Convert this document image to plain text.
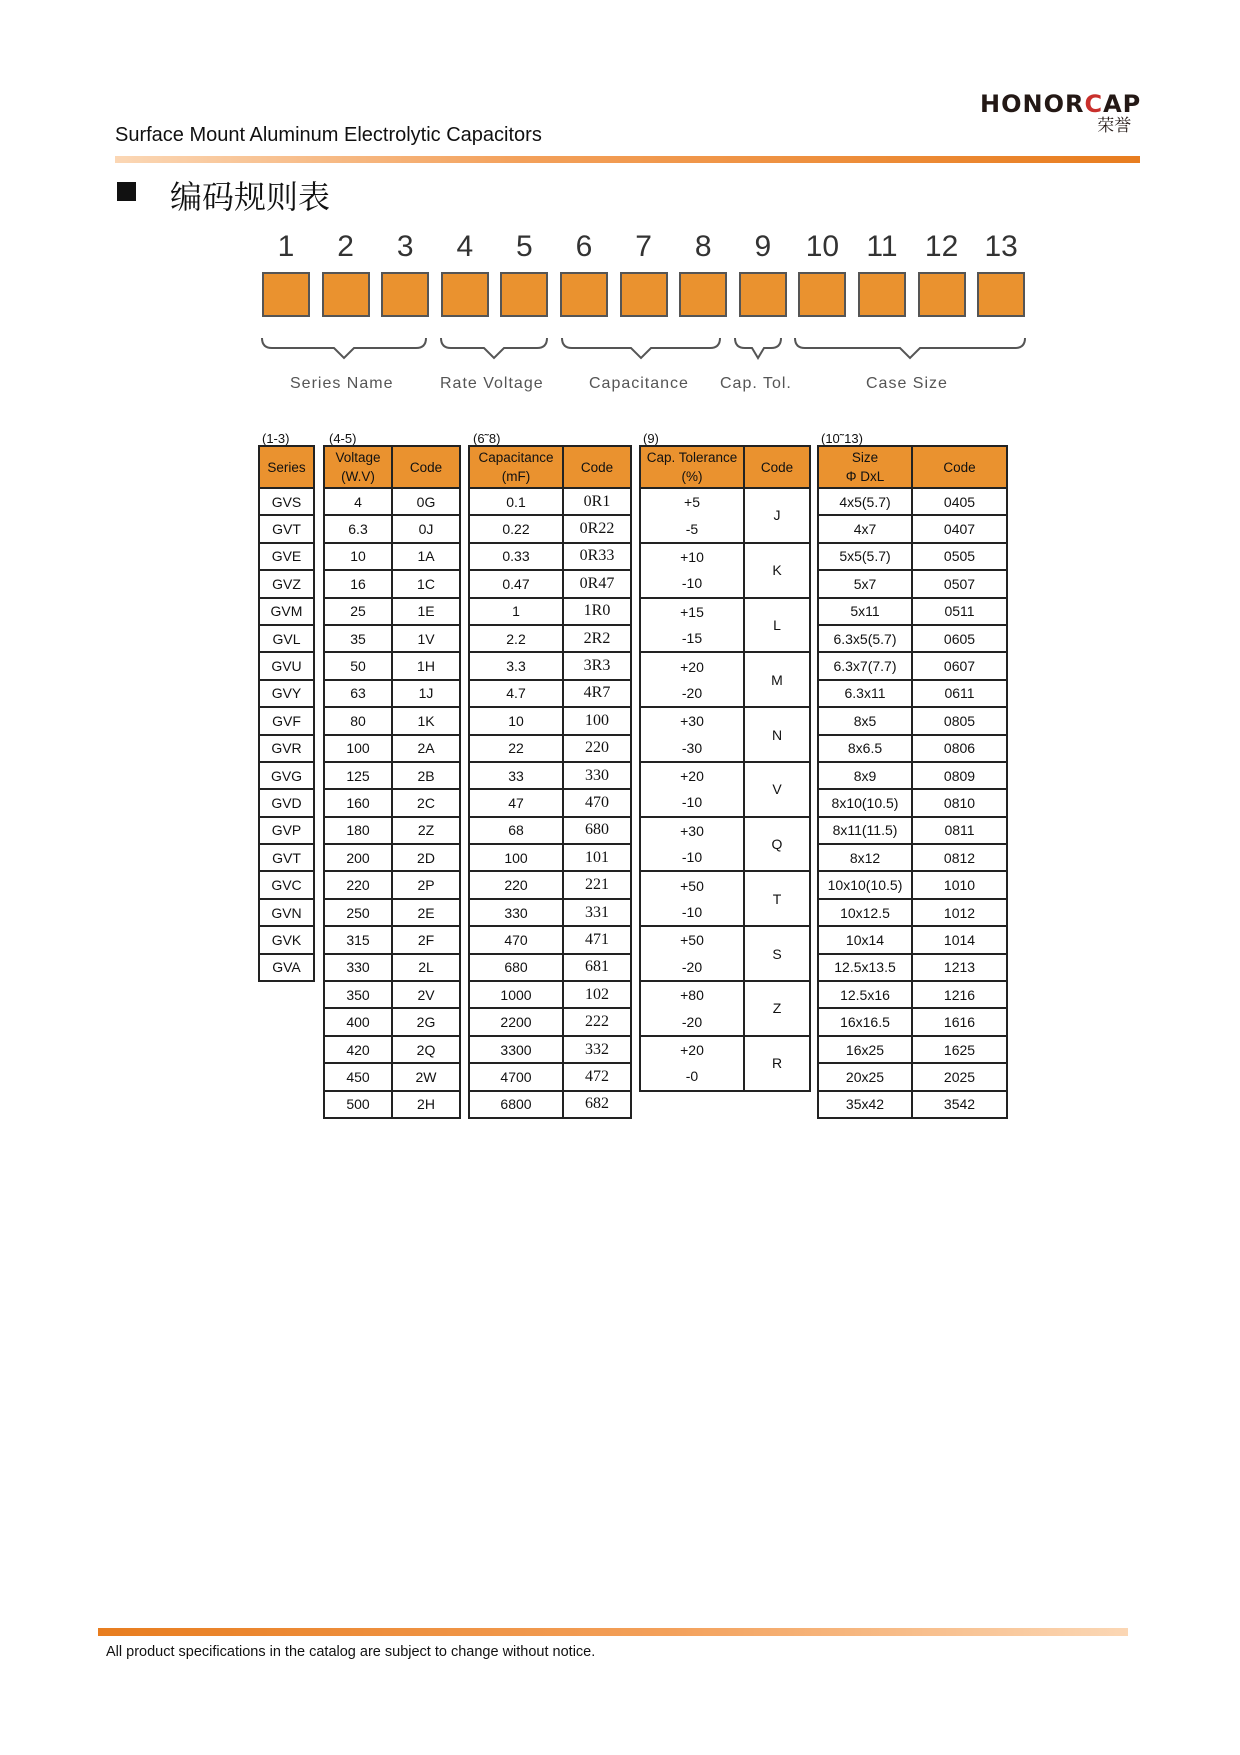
Surface Mount Aluminum Electrolytic Capacitors
HONORCAP
荣誉
编码规则表
1	2	3	4	5	6	7	8	9	10 11 12 13
Series Name	Rate Voltage	Capacitance Cap. Tol.	Case Size
(1-3)	(4-5)	(6˜8)	(9)	(10˜13)
Series
GVS
GVT
GVE
GVZ
GVM
GVL
GVU
GVY
GVF
GVR
GVG
GVD
GVP
GVT
GVC
GVN
GVK
GVA
Voltage
(W.V)	Code
4	0G
6.3	0J
10	1A
16	1C
25	1E
35	1V
50	1H
63	1J
80	1K
100	2A
125	2B
160	2C
180	2Z
200	2D
220	2P
250	2E
315	2F
330	2L
350	2V
400	2G
420	2Q
450	2W
500	2H
Capacitance
(mF)	Code
0.1	0R1
0.22	0R22
0.33	0R33
0.47	0R47
1	1R0
2.2	2R2
3.3	3R3
4.7	4R7
10	100
22	220
33	330
47	470
68	680
100	101
220	221
330	331
470	471
680	681
1000	102
2200	222
3300	332
4700	472
6800	682
Cap. Tolerance
(%)	Code
+5	J
-5	
+10	K
-10	
+15	L
-15	
+20	M
-20	
+30	N
-30	
+20	V
-10	
+30	Q
-10	
+50	T
-10	
+50	S
-20	
+80	Z
-20	
+20	R
-0	
Size
Φ DxL	Code
4x5(5.7)	0405
4x7	0407
5x5(5.7)	0505
5x7	0507
5x11	0511
6.3x5(5.7)	0605
6.3x7(7.7)	0607
6.3x11	0611
8x5	0805
8x6.5	0806
8x9	0809
8x10(10.5)	0810
8x11(11.5)	0811
8x12	0812
10x10(10.5)	1010
10x12.5	1012
10x14	1014
12.5x13.5	1213
12.5x16	1216
16x16.5	1616
16x25	1625
20x25	2025
35x42	3542
All product specifications in the catalog are subject to change without notice.
